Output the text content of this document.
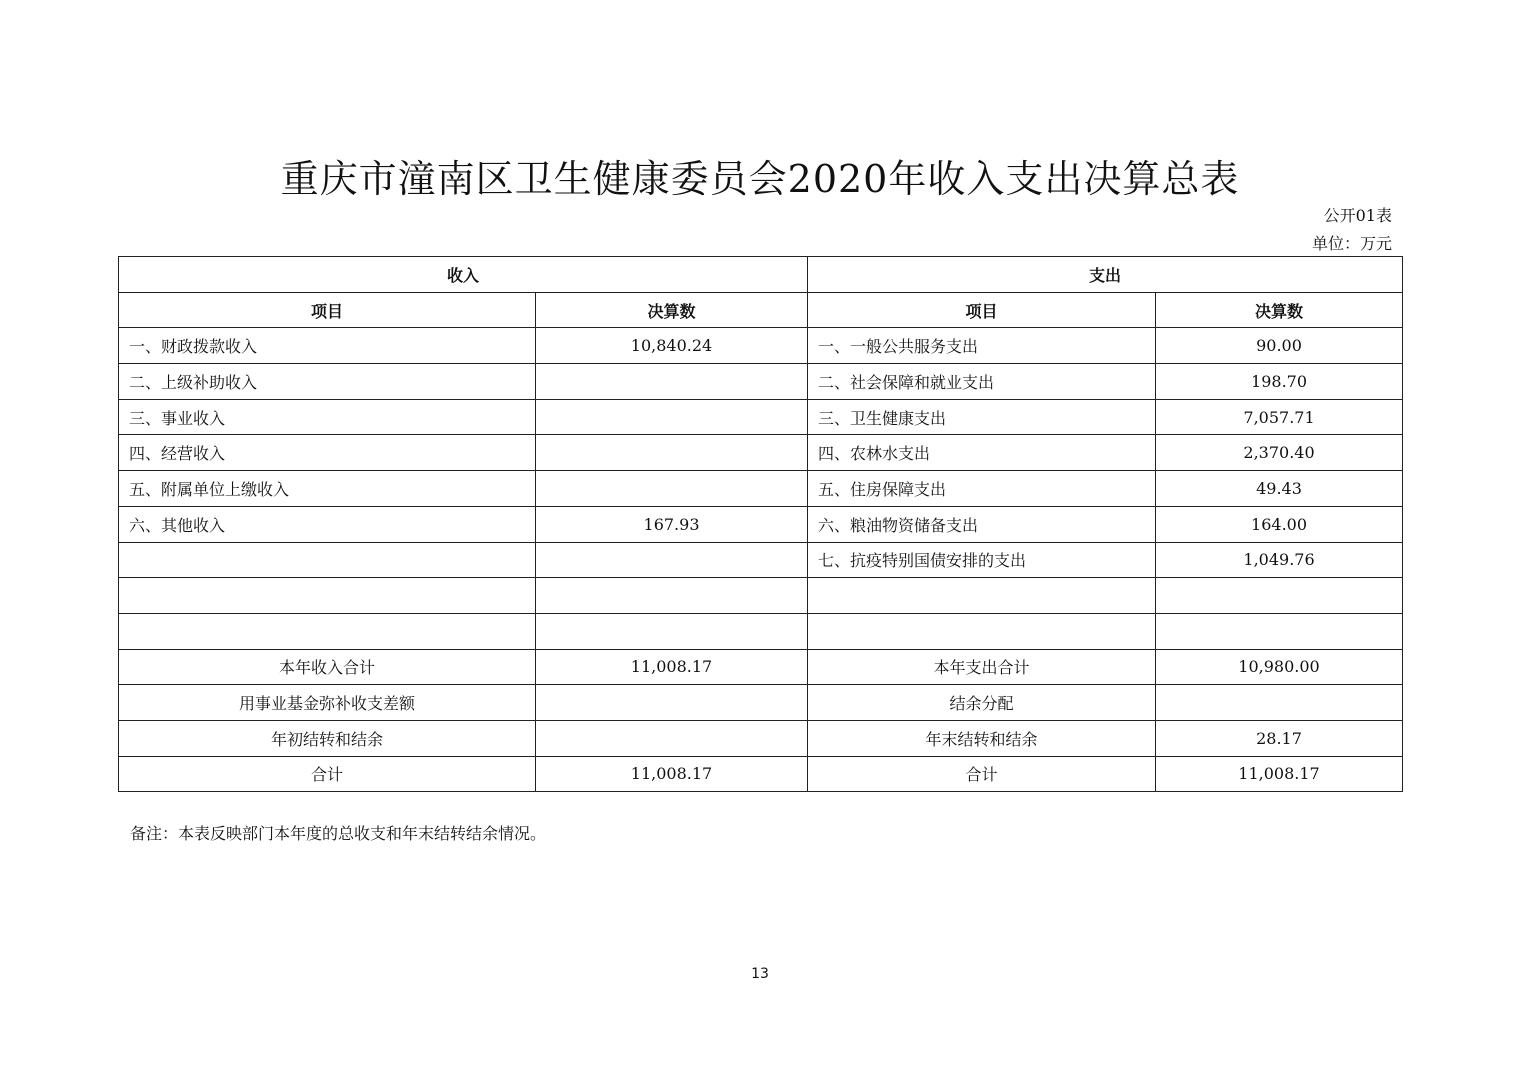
重庆市潼南区卫生健康委员会2020年收入支出决算总表
公开01表
单位：万元
收入		支出	
项目	决算数	项目	决算数
一、财政拨款收入	10,840.24	一、一般公共服务支出	90.00
二、上级补助收入		二、社会保障和就业支出	198.70
三、事业收入		三、卫生健康支出	7,057.71
四、经营收入		四、农林水支出	2,370.40
五、附属单位上缴收入		五、住房保障支出	49.43
六、其他收入	167.93	六、粮油物资储备支出	164.00
		七、抗疫特别国债安排的支出	1,049.76

本年收入合计	11,008.17	本年支出合计	10,980.00
用事业基金弥补收支差额		结余分配	
年初结转和结余		年末结转和结余	28.17
合计	11,008.17	合计	11,008.17
备注：本表反映部门本年度的总收支和年末结转结余情况。
13
